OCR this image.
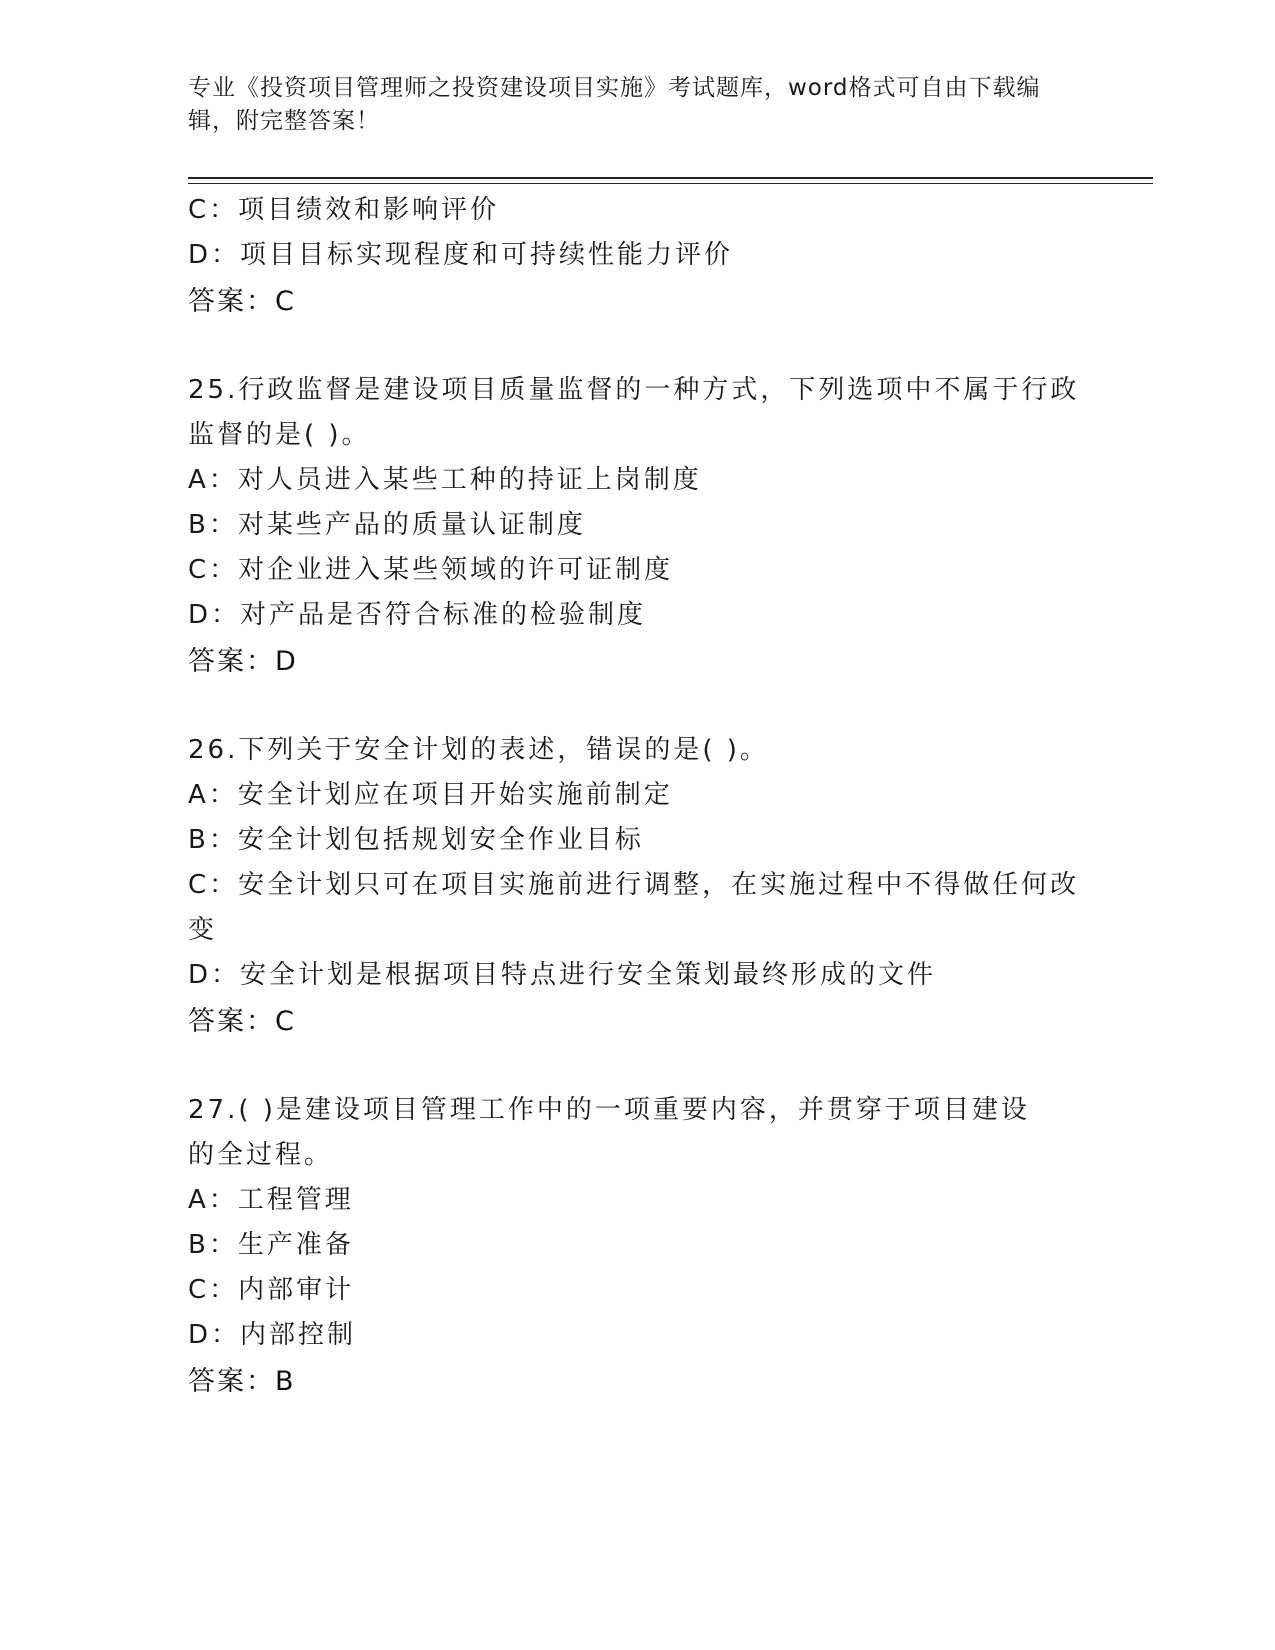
专业《投资项目管理师之投资建设项目实施》考试题库，word格式可自由下载编
辑，附完整答案！
C：项目绩效和影响评价
D：项目目标实现程度和可持续性能力评价
答案：C
25.行政监督是建设项目质量监督的一种方式，下列选项中不属于行政
监督的是( )。
A：对人员进入某些工种的持证上岗制度
B：对某些产品的质量认证制度
C：对企业进入某些领域的许可证制度
D：对产品是否符合标准的检验制度
答案：D
26.下列关于安全计划的表述，错误的是( )。
A：安全计划应在项目开始实施前制定
B：安全计划包括规划安全作业目标
C：安全计划只可在项目实施前进行调整，在实施过程中不得做任何改
变
D：安全计划是根据项目特点进行安全策划最终形成的文件
答案：C
27.( )是建设项目管理工作中的一项重要内容，并贯穿于项目建设
的全过程。
A：工程管理
B：生产准备
C：内部审计
D：内部控制
答案：B
